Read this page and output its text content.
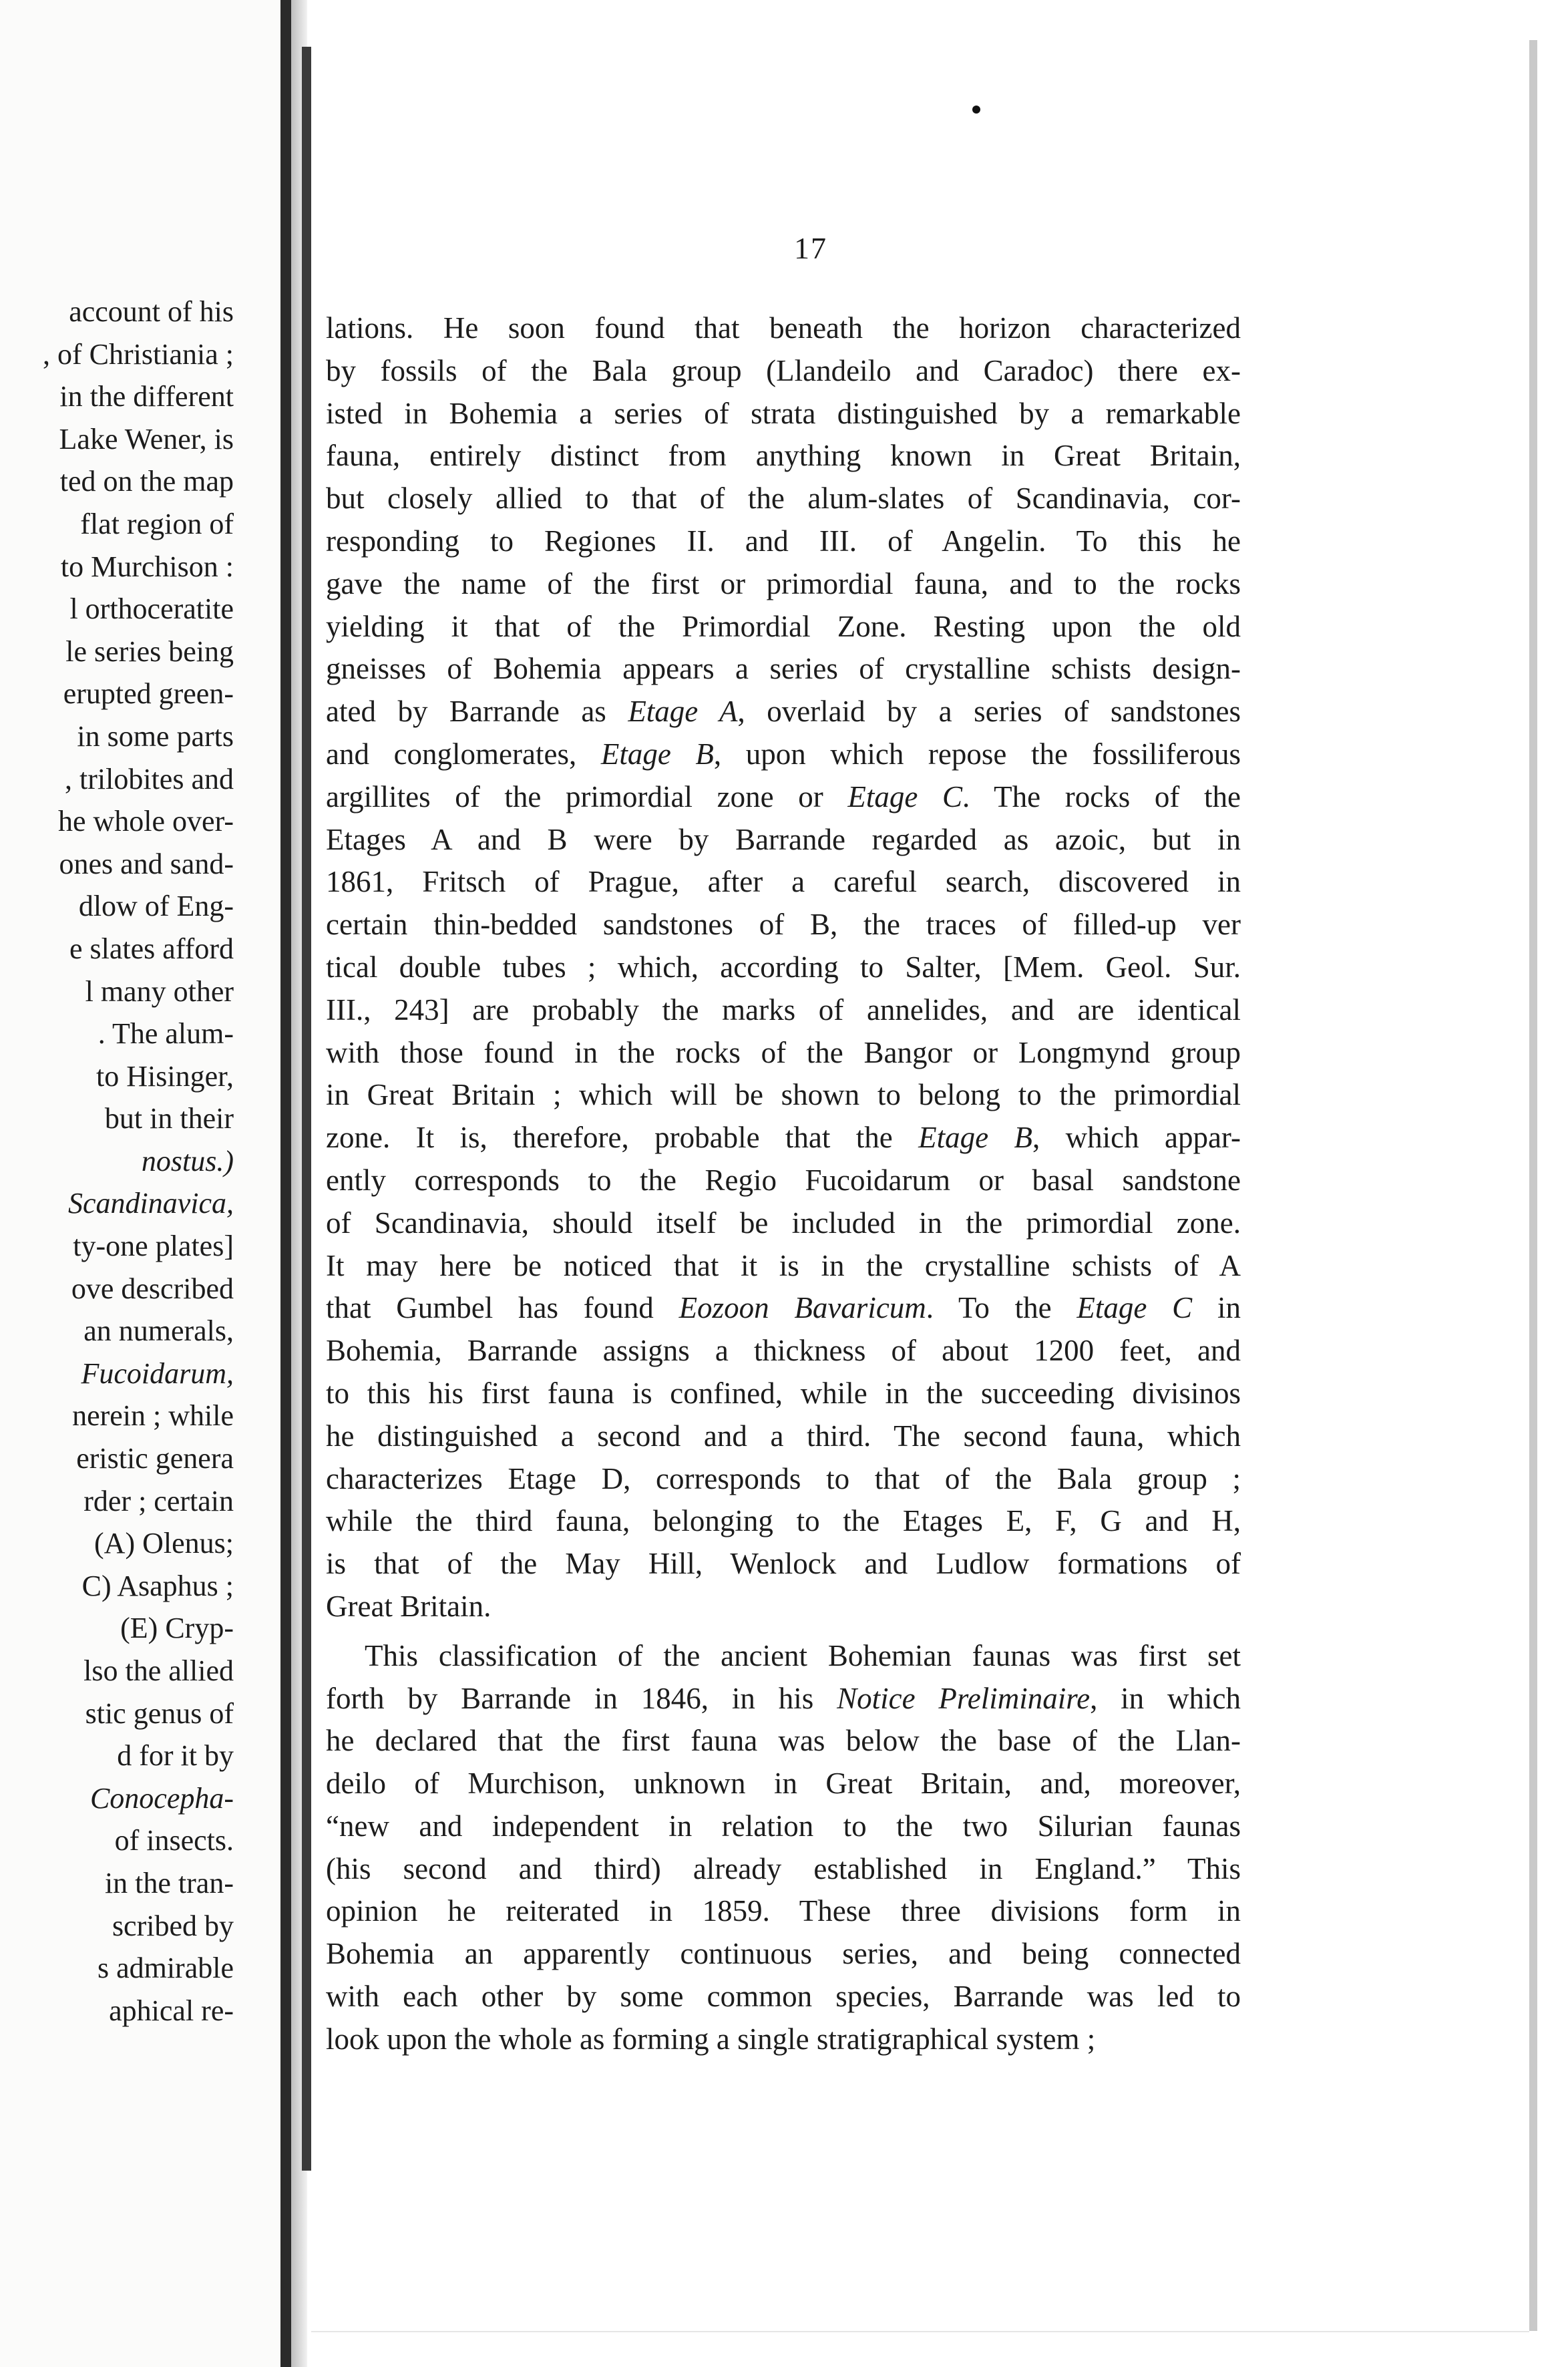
account of his
, of Christiania ;
in the different
Lake Wener, is
ted on the map
flat region of
to Murchison :
l orthoceratite
le series being
erupted green-
in some parts
, trilobites and
he whole over-
ones and sand-
dlow of Eng-
e slates afford
l many other
. The alum-
to Hisinger,
but in their
nostus.)
Scandinavica,
ty-one plates]
ove described
an numerals,
Fucoidarum,
nerein ; while
eristic genera
rder ; certain
(A) Olenus;
C) Asaphus ;
(E) Cryp-
lso the allied
stic genus of
d for it by
Conocepha-
of insects.
in the tran-
scribed by
s admirable
aphical re-
17
lations. He soon found that beneath the horizon characterized
by fossils of the Bala group (Llandeilo and Caradoc) there ex-
isted in Bohemia a series of strata distinguished by a remarkable
fauna, entirely distinct from anything known in Great Britain,
but closely allied to that of the alum-slates of Scandinavia, cor-
responding to Regiones II. and III. of Angelin. To this he
gave the name of the first or primordial fauna, and to the rocks
yielding it that of the Primordial Zone. Resting upon the old
gneisses of Bohemia appears a series of crystalline schists design-
ated by Barrande as Etage A, overlaid by a series of sandstones
and conglomerates, Etage B, upon which repose the fossiliferous
argillites of the primordial zone or Etage C. The rocks of the
Etages A and B were by Barrande regarded as azoic, but in
1861, Fritsch of Prague, after a careful search, discovered in
certain thin-bedded sandstones of B, the traces of filled-up ver
tical double tubes ; which, according to Salter, [Mem. Geol. Sur.
III., 243] are probably the marks of annelides, and are identical
with those found in the rocks of the Bangor or Longmynd group
in Great Britain ; which will be shown to belong to the primordial
zone. It is, therefore, probable that the Etage B, which appar-
ently corresponds to the Regio Fucoidarum or basal sandstone
of Scandinavia, should itself be included in the primordial zone.
It may here be noticed that it is in the crystalline schists of A
that Gumbel has found Eozoon Bavaricum. To the Etage C in
Bohemia, Barrande assigns a thickness of about 1200 feet, and
to this his first fauna is confined, while in the succeeding divisinos
he distinguished a second and a third. The second fauna, which
characterizes Etage D, corresponds to that of the Bala group ;
while the third fauna, belonging to the Etages E, F, G and H,
is that of the May Hill, Wenlock and Ludlow formations of
Great Britain.
This classification of the ancient Bohemian faunas was first set
forth by Barrande in 1846, in his Notice Preliminaire, in which
he declared that the first fauna was below the base of the Llan-
deilo of Murchison, unknown in Great Britain, and, moreover,
“new and independent in relation to the two Silurian faunas
(his second and third) already established in England.” This
opinion he reiterated in 1859. These three divisions form in
Bohemia an apparently continuous series, and being connected
with each other by some common species, Barrande was led to
look upon the whole as forming a single stratigraphical system ;
